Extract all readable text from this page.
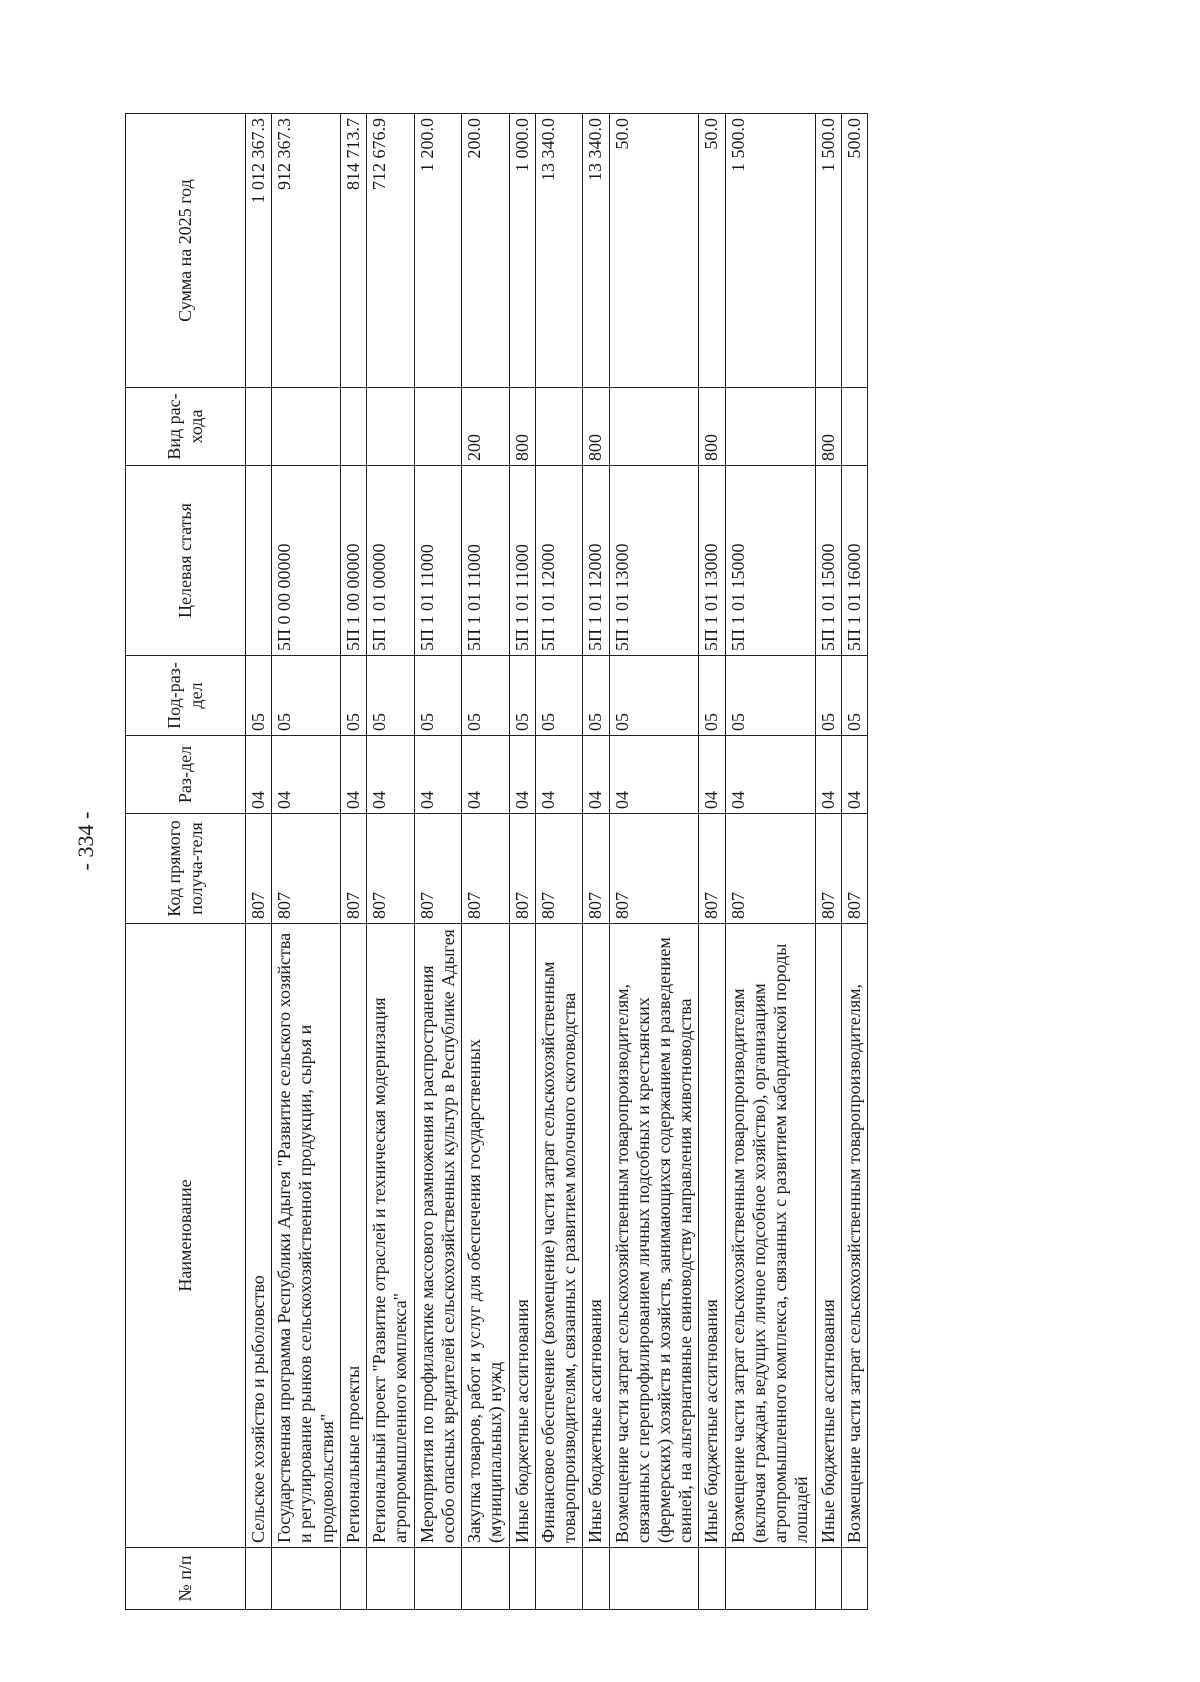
- 334 -
№ п/п	Наименование	Код прямого получа-теля	Раз-дел	Под-раз-дел	Целевая статья	Вид рас-хода	Сумма на 2025 год
	Сельское хозяйство и рыболовство	807	04	05			1 012 367.3
	Государственная программа Республики Адыгея "Развитие сельского хозяйства и регулирование рынков сельскохозяйственной продукции, сырья и продовольствия"	807	04	05	5П 0 00 00000		912 367.3
	Региональные проекты	807	04	05	5П 1 00 00000		814 713.7
	Региональный проект "Развитие отраслей и техническая модернизация агропромышленного комплекса"	807	04	05	5П 1 01 00000		712 676.9
	Мероприятия по профилактике массового размножения и распространения особо опасных вредителей сельскохозяйственных культур в Республике Адыгея	807	04	05	5П 1 01 11000		1 200.0
	Закупка товаров, работ и услуг для обеспечения государственных (муниципальных) нужд	807	04	05	5П 1 01 11000	200	200.0
	Иные бюджетные ассигнования	807	04	05	5П 1 01 11000	800	1 000.0
	Финансовое обеспечение (возмещение) части затрат сельскохозяйственным товаропроизводителям, связанных с развитием молочного скотоводства	807	04	05	5П 1 01 12000		13 340.0
	Иные бюджетные ассигнования	807	04	05	5П 1 01 12000	800	13 340.0
	Возмещение части затрат сельскохозяйственным товаропроизводителям, связанных с перепрофилированием личных подсобных и крестьянских (фермерских) хозяйств и хозяйств, занимающихся содержанием и разведением свиней, на альтернативные свиноводству направления животноводства	807	04	05	5П 1 01 13000		50.0
	Иные бюджетные ассигнования	807	04	05	5П 1 01 13000	800	50.0
	Возмещение части затрат сельскохозяйственным товаропроизводителям (включая граждан, ведущих личное подсобное хозяйство), организациям агропромышленного комплекса, связанных с развитием кабардинской породы лошадей	807	04	05	5П 1 01 15000		1 500.0
	Иные бюджетные ассигнования	807	04	05	5П 1 01 15000	800	1 500.0
	Возмещение части затрат сельскохозяйственным товаропроизводителям,	807	04	05	5П 1 01 16000		500.0
